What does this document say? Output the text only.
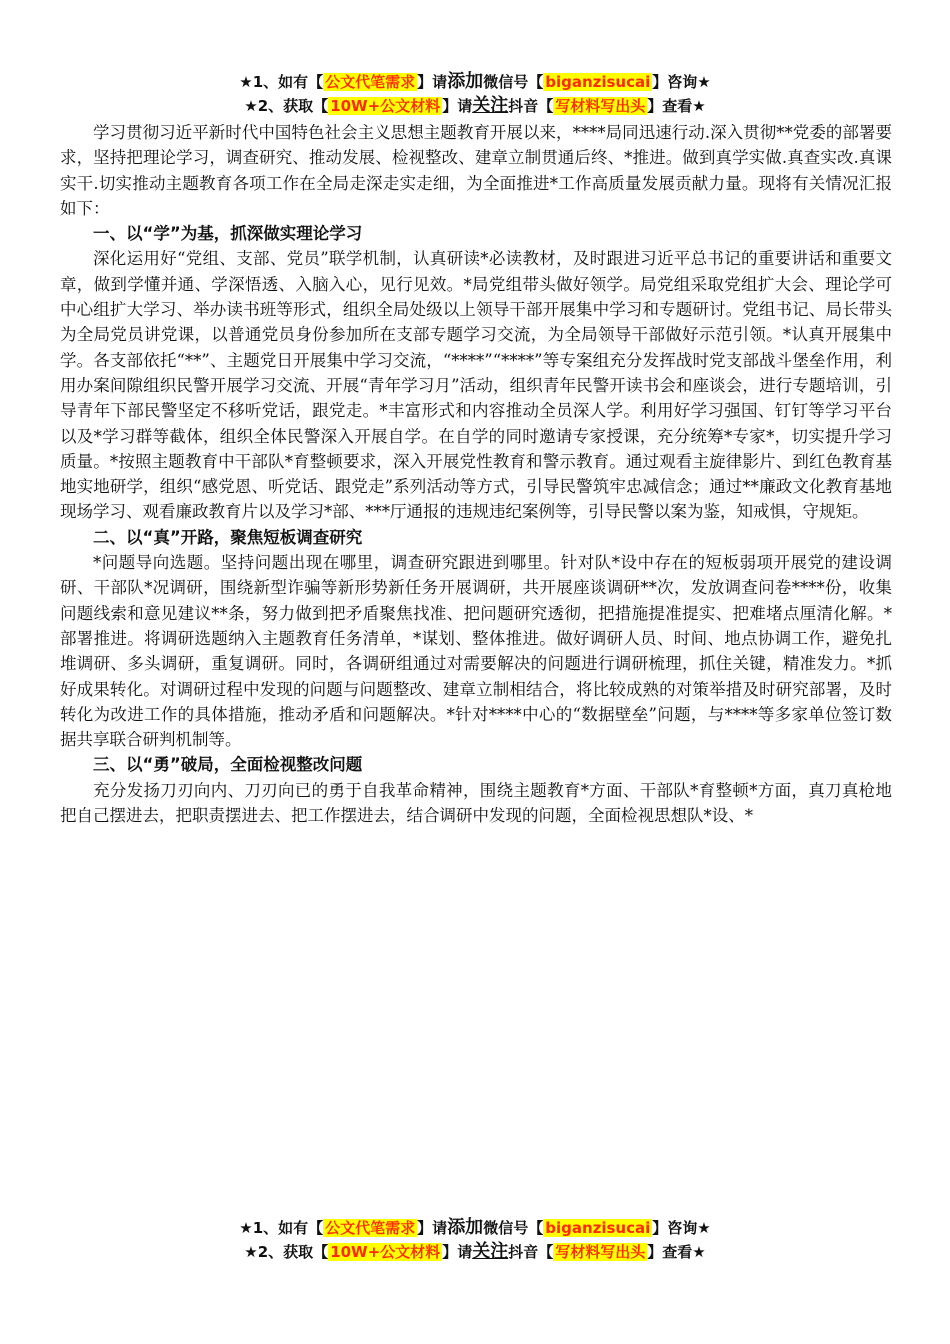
★1、如有【 公文代笔需求 】请添加微信号【 biganzisucai 】咨询★
★2、获取【 10W+公文材料 】请关注抖音【 写材料写出头 】查看★

学习贯彻习近平新时代中国特色社会主义思想主题教育开展以来，****局同迅速行动.深入贯彻**党委的部署要求，坚持把理论学习，调查研究、推动发展、检视整改、建章立制贯通后终、*推进。做到真学实做.真查实改.真课实干.切实推动主题教育各项工作在全局走深走实走细，为全面推进*工作高质量发展贡献力量。现将有关情况汇报如下：

一、以“学”为基，抓深做实理论学习

深化运用好“党组、支部、党员”联学机制，认真研读*必读教材，及时跟进习近平总书记的重要讲话和重要文章，做到学懂并通、学深悟透、入脑入心，见行见效。*局党组带头做好领学。局党组采取党组扩大会、理论学可中心组扩大学习、举办读书班等形式，组织全局处级以上领导干部开展集中学习和专题研讨。党组书记、局长带头为全局党员讲党课，以普通党员身份参加所在支部专题学习交流，为全局领导干部做好示范引领。*认真开展集中学。各支部依托“**”、主题党日开展集中学习交流，“****”“****”等专案组充分发挥战时党支部战斗堡垒作用，利用办案间隙组织民警开展学习交流、开展“青年学习月”活动，组织青年民警开读书会和座谈会，进行专题培训，引导青年下部民警坚定不移听党话，跟党走。*丰富形式和内容推动全员深人学。利用好学习强国、钉钉等学习平台以及*学习群等截体，组织全体民警深入开展自学。在自学的同时邀请专家授课，充分统筹*专家*，切实提升学习质量。*按照主题教育中干部队*育整顿要求，深入开展党性教育和警示教育。通过观看主旋律影片、到红色教育基地实地研学，组织“感党恩、听党话、跟党走”系列活动等方式，引导民警筑牢忠减信念；通过**廉政文化教育基地现场学习、观看廉政教育片以及学习*部、***厅通报的违规违纪案例等，引导民警以案为鉴，知戒惧，守规矩。

二、以“真”开路，聚焦短板调查研究

*问题导向选题。坚持问题出现在哪里，调查研究跟进到哪里。针对队*设中存在的短板弱项开展党的建设调研、干部队*况调研，围绕新型诈骗等新形势新任务开展调研，共开展座谈调研**次，发放调查问卷****份，收集问题线索和意见建议**条，努力做到把矛盾聚焦找准、把问题研究透彻，把措施提准提实、把难堵点厘清化解。*部署推进。将调研选题纳入主题教育任务清单，*谋划、整体推进。做好调研人员、时间、地点协调工作，避免扎堆调研、多头调研，重复调研。同时，各调研组通过对需要解决的问题进行调研梳理，抓住关键，精准发力。*抓好成果转化。对调研过程中发现的问题与问题整改、建章立制相结合，将比较成熟的对策举措及时研究部署，及时转化为改进工作的具体措施，推动矛盾和问题解决。*针对****中心的“数据壁垒”问题，与****等多家单位签订数据共享联合研判机制等。

三、以“勇”破局，全面检视整改问题

充分发扬刀刃向内、刀刃向已的勇于自我革命精神，围绕主题教育*方面、干部队*育整顿*方面，真刀真枪地把自己摆进去，把职责摆进去、把工作摆进去，结合调研中发现的问题，全面检视思想队*设、*

★1、如有【 公文代笔需求 】请添加微信号【 biganzisucai 】咨询★
★2、获取【 10W+公文材料 】请关注抖音【 写材料写出头 】查看★
